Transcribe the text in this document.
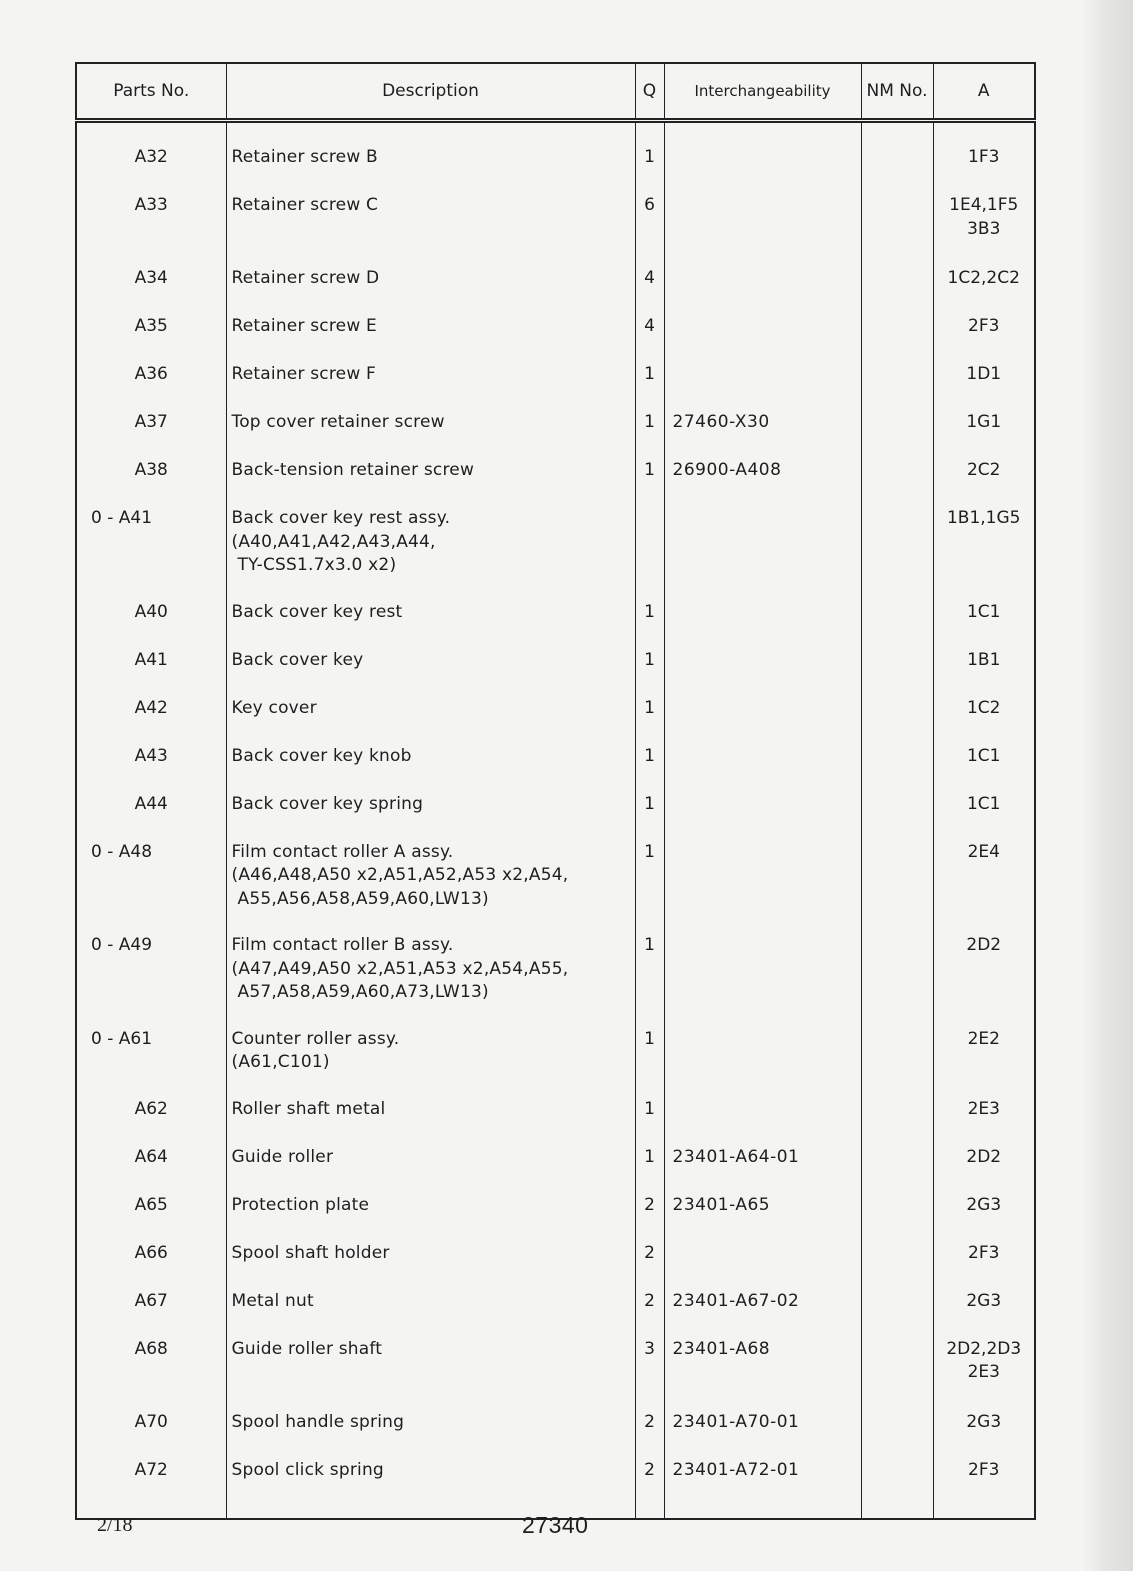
Parts No.	Description	Q	Interchangeability	NM No.	A

A32	Retainer screw B	1			1F3

A33	Retainer screw C	6			1E4,1F5
3B3

A34	Retainer screw D	4			1C2,2C2

A35	Retainer screw E	4			2F3

A36	Retainer screw F	1			1D1

A37	Top cover retainer screw	1	27460-X30		1G1

A38	Back-tension retainer screw	1	26900-A408		2C2

0 - A41	Back cover key rest assy.
(A40,A41,A42,A43,A44,
TY-CSS1.7x3.0 x2)				1B1,1G5

A40	Back cover key rest	1			1C1

A41	Back cover key	1			1B1

A42	Key cover	1			1C2

A43	Back cover key knob	1			1C1

A44	Back cover key spring	1			1C1

0 - A48	Film contact roller A assy.
(A46,A48,A50 x2,A51,A52,A53 x2,A54,
A55,A56,A58,A59,A60,LW13)	1			2E4

0 - A49	Film contact roller B assy.
(A47,A49,A50 x2,A51,A53 x2,A54,A55,
A57,A58,A59,A60,A73,LW13)	1			2D2

0 - A61	Counter roller assy.
(A61,C101)	1			2E2

A62	Roller shaft metal	1			2E3

A64	Guide roller	1	23401-A64-01		2D2

A65	Protection plate	2	23401-A65		2G3

A66	Spool shaft holder	2			2F3

A67	Metal nut	2	23401-A67-02		2G3

A68	Guide roller shaft	3	23401-A68		2D2,2D3
2E3

A70	Spool handle spring	2	23401-A70-01		2G3

A72	Spool click spring	2	23401-A72-01		2F3
2/18	27340
